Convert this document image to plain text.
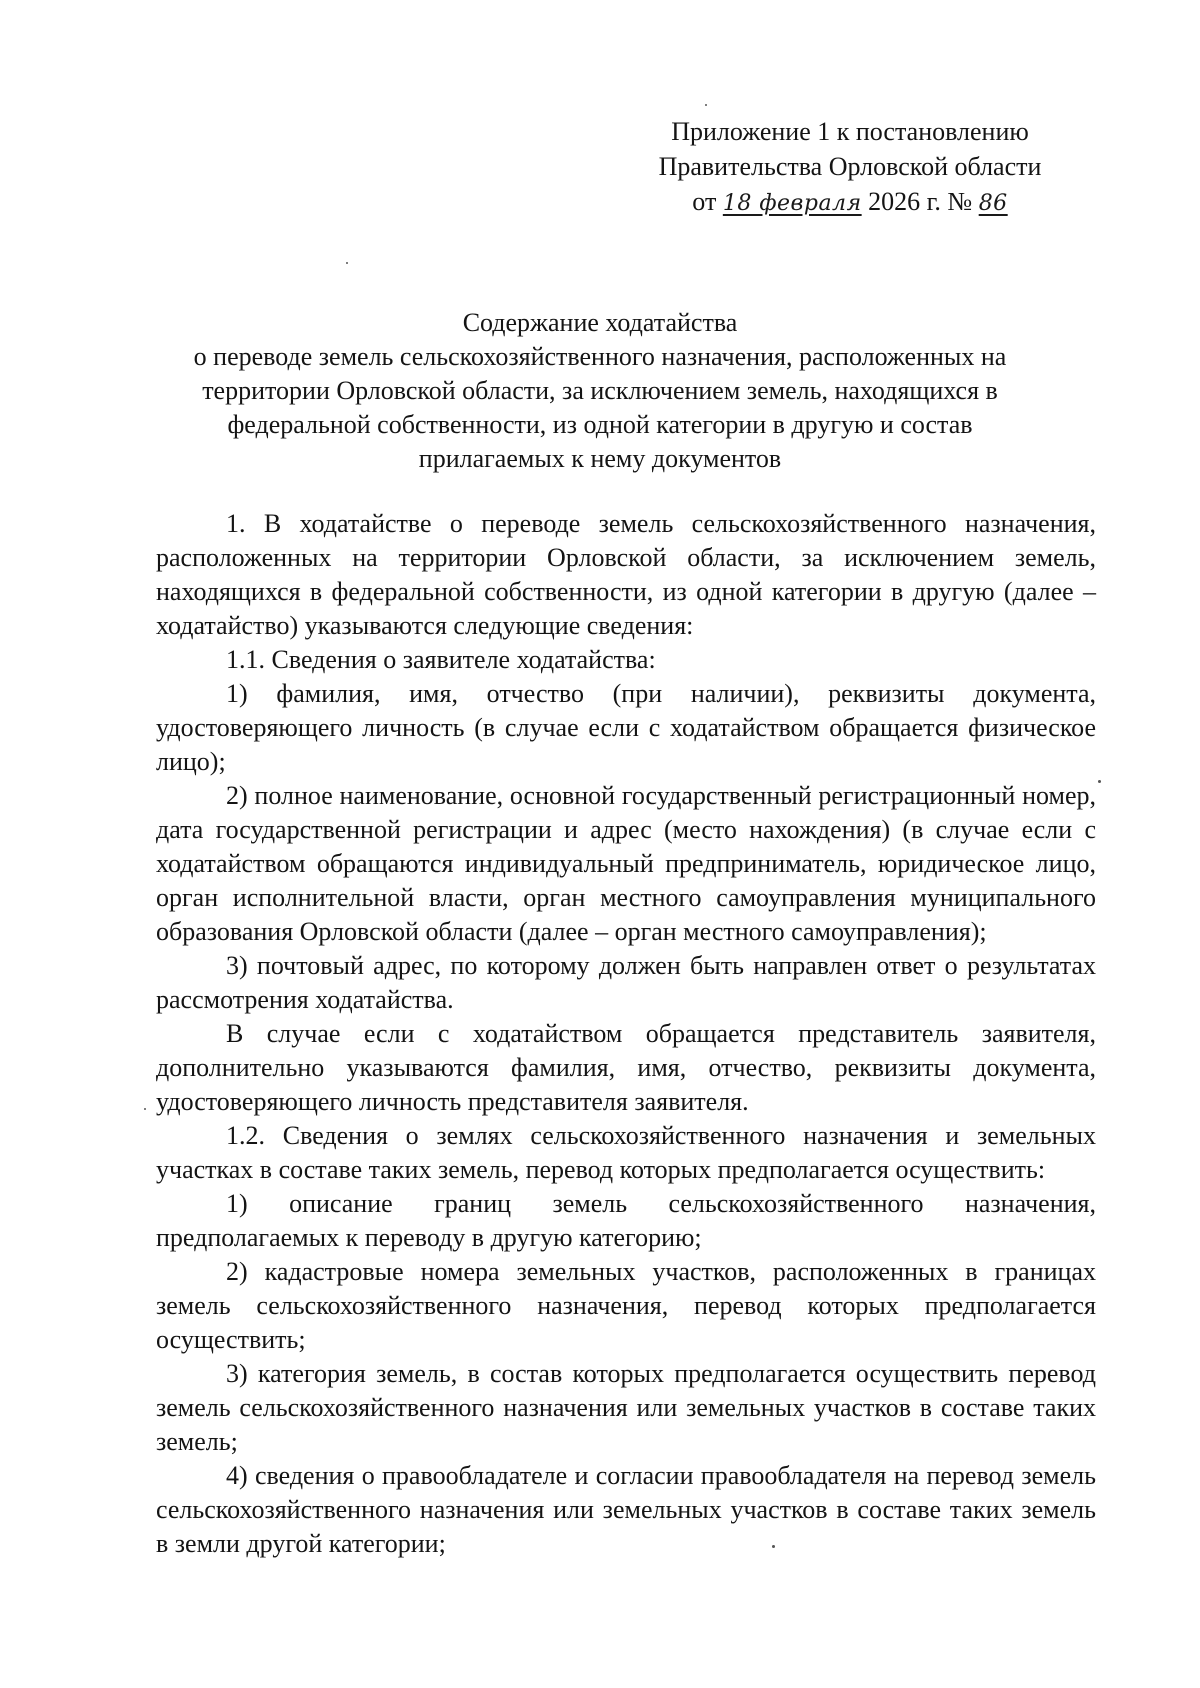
Приложение 1 к постановлению
Правительства Орловской области
от 18 февраля 2026 г. № 86
Содержание ходатайства
о переводе земель сельскохозяйственного назначения, расположенных на
территории Орловской области, за исключением земель, находящихся в
федеральной собственности, из одной категории в другую и состав
прилагаемых к нему документов

1. В ходатайстве о переводе земель сельскохозяйственного назначения, расположенных на территории Орловской области, за исключением земель, находящихся в федеральной собственности, из одной категории в другую (далее – ходатайство) указываются следующие сведения:

1.1. Сведения о заявителе ходатайства:

1) фамилия, имя, отчество (при наличии), реквизиты документа, удостоверяющего личность (в случае если с ходатайством обращается физическое лицо);

2) полное наименование, основной государственный регистрационный номер, дата государственной регистрации и адрес (место нахождения) (в случае если с ходатайством обращаются индивидуальный предприниматель, юридическое лицо, орган исполнительной власти, орган местного самоуправления муниципального образования Орловской области (далее – орган местного самоуправления);

3) почтовый адрес, по которому должен быть направлен ответ о результатах рассмотрения ходатайства.

В случае если с ходатайством обращается представитель заявителя, дополнительно указываются фамилия, имя, отчество, реквизиты документа, удостоверяющего личность представителя заявителя.

1.2. Сведения о землях сельскохозяйственного назначения и земельных участках в составе таких земель, перевод которых предполагается осуществить:

1) описание границ земель сельскохозяйственного назначения, предполагаемых к переводу в другую категорию;

2) кадастровые номера земельных участков, расположенных в границах земель сельскохозяйственного назначения, перевод которых предполагается осуществить;

3) категория земель, в состав которых предполагается осуществить перевод земель сельскохозяйственного назначения или земельных участков в составе таких земель;

4) сведения о правообладателе и согласии правообладателя на перевод земель сельскохозяйственного назначения или земельных участков в составе таких земель в земли другой категории;
